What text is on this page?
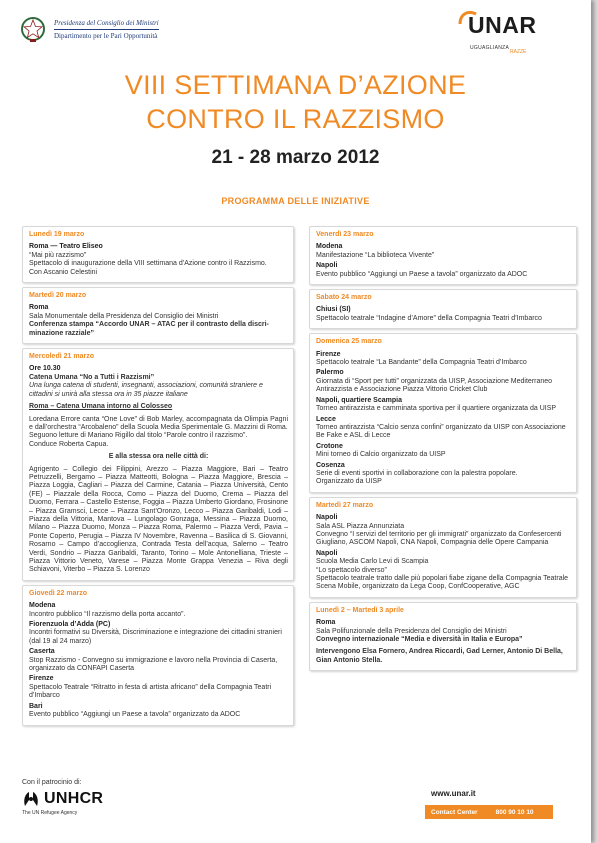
Presidenza del Consiglio dei Ministri
Dipartimento per le Pari Opportunità	UNAR
UGUAGLIANZA
RAZZE
VIII SETTIMANA D’AZIONE
CONTRO IL RAZZISMO
21 - 28 marzo 2012
PROGRAMMA DELLE INIZIATIVE
Lunedì 19 marzo
Roma — Teatro Eliseo
“Mai più razzismo”
Spettacolo di inaugurazione della VIII settimana d’Azione contro il Razzismo.
Con Ascanio Celestini
Martedì 20 marzo
Roma
Sala Monumentale della Presidenza del Consiglio dei Ministri
Conferenza stampa “Accordo UNAR – ATAC per il contrasto della discri-
minazione razziale”
Mercoledì 21 marzo
Ore 10.30
Catena Umana “No a Tutti i Razzismi”
Una lunga catena di studenti, insegnanti, associazioni, comunità straniere e
cittadini si unirà alla stessa ora in 35 piazze italiane
Roma – Catena Umana intorno al Colosseo
Loredana Errore canta “One Love” di Bob Marley, accompagnata da Olimpia Pagni e dall’orchestra “Arcobaleno” della Scuola Media Sperimentale G. Mazzini di Roma.
Seguono letture di Mariano Rigillo dal titolo “Parole contro il razzismo”.
Conduce Roberta Capua.
E alla stessa ora nelle città di:
Agrigento – Collegio dei Filippini, Arezzo – Piazza Maggiore, Bari – Teatro Petruzzelli, Bergamo – Piazza Matteotti, Bologna – Piazza Maggiore, Brescia – Piazza Loggia, Cagliari – Piazza del Carmine, Catania – Piazza Università, Cento (FE) – Piazzale della Rocca, Como – Piazza del Duomo, Crema – Piazza del Duomo, Ferrara – Castello Estense, Foggia – Piazza Umberto Giordano, Frosinone – Piazza Gramsci, Lecce – Piazza Sant’Oronzo, Lecco – Piazza Garibaldi, Lodi – Piazza della Vittoria, Mantova – Lungolago Gonzaga, Messina – Piazza Duomo, Milano – Piazza Duomo, Monza – Piazza Roma, Palermo – Piazza Verdi, Pavia – Ponte Coperto, Perugia – Piazza IV Novembre, Ravenna – Basilica di S. Giovanni, Rosarno – Campo d’accoglienza, Contrada Testa dell’acqua, Salerno – Teatro Verdi, Sondrio – Piazza Garibaldi, Taranto, Torino – Mole Antonelliana, Trieste – Piazza Vittorio Veneto, Varese – Piazza Monte Grappa Venezia – Riva degli Schiavoni, Viterbo – Piazza S. Lorenzo
Giovedì 22 marzo
Modena
Incontro pubblico “Il razzismo della porta accanto”.
Fiorenzuola d’Adda (PC)
Incontri formativi su Diversità, Discriminazione e integrazione dei cittadini stranieri (dal 19 al 24 marzo)
Caserta
Stop Razzismo - Convegno su immigrazione e lavoro nella Provincia di Caserta, organizzato da CONFAPI Caserta
Firenze
Spettacolo Teatrale “Ritratto in festa di artista africano” della Compagnia Teatri d’Imbarco
Bari
Evento pubblico “Aggiungi un Paese a tavola” organizzato da ADOC
Venerdì 23 marzo
Modena
Manifestazione “La biblioteca Vivente”
Napoli
Evento pubblico “Aggiungi un Paese a tavola” organizzato da ADOC
Sabato 24 marzo
Chiusi (SI)
Spettacolo teatrale “Indagine d’Amore” della Compagnia Teatri d’Imbarco
Domenica 25 marzo
Firenze
Spettacolo teatrale “La Bandante” della Compagnia Teatri d’Imbarco
Palermo
Giornata di “Sport per tutti” organizzata da UISP, Associazione Mediterraneo Antirazzista e Associazione Piazza Vittorio Cricket Club
Napoli, quartiere Scampia
Torneo antirazzista e camminata sportiva per il quartiere organizzata da UISP
Lecce
Torneo antirazzista “Calcio senza confini” organizzato da UISP con Associazione Be Fake e ASL di Lecce
Crotone
Mini torneo di Calcio organizzato da UISP
Cosenza
Serie di eventi sportivi in collaborazione con la palestra popolare.
Organizzato da UISP
Martedì 27 marzo
Napoli
Sala ASL Piazza Annunziata
Convegno “I servizi del territorio per gli immigrati” organizzato da Confesercenti Giugliano, ASCOM Napoli, CNA Napoli, Compagnia delle Opere Campania
Napoli
Scuola Media Carlo Levi di Scampia
“Lo spettacolo diverso”
Spettacolo teatrale tratto dalle più popolari fiabe zigane della Compagnia Teatrale Scena Mobile, organizzato da Lega Coop, ConfCooperative, AGC
Lunedì 2 – Martedì 3 aprile
Roma
Sala Polifunzionale della Presidenza del Consiglio dei Ministri
Convegno internazionale “Media e diversità in Italia e Europa”
Intervengono Elsa Fornero, Andrea Riccardi, Gad Lerner, Antonio Di Bella, Gian Antonio Stella.
Con il patrocinio di:
UNHCR
The UN Refugee Agency
www.unar.it
Contact Center	800 90 10 10
